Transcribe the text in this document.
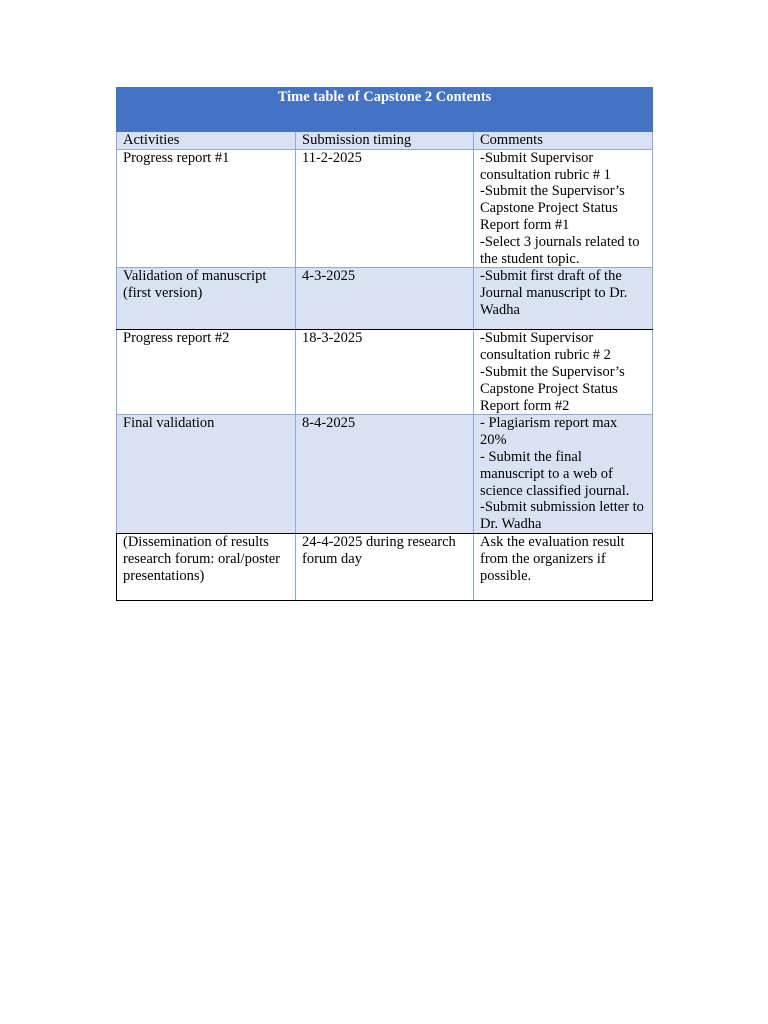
Time table of Capstone 2 Contents		
Activities	Submission timing	Comments

Progress report #1	11-2-2025	-Submit Supervisor consultation rubric # 1
-Submit the Supervisor’s Capstone Project Status Report form #1
-Select 3 journals related to the student topic.

Validation of manuscript (first version)	4-3-2025	-Submit first draft of the Journal manuscript to Dr. Wadha

Progress report #2	18-3-2025	-Submit Supervisor consultation rubric # 2
-Submit the Supervisor’s Capstone Project Status Report form #2

Final validation	8-4-2025	- Plagiarism report max 20%
- Submit the final manuscript to a web of science classified journal.
-Submit submission letter to Dr. Wadha

(Dissemination of results research forum: oral/poster presentations)	24-4-2025 during research forum day	Ask the evaluation result from the organizers if possible.
